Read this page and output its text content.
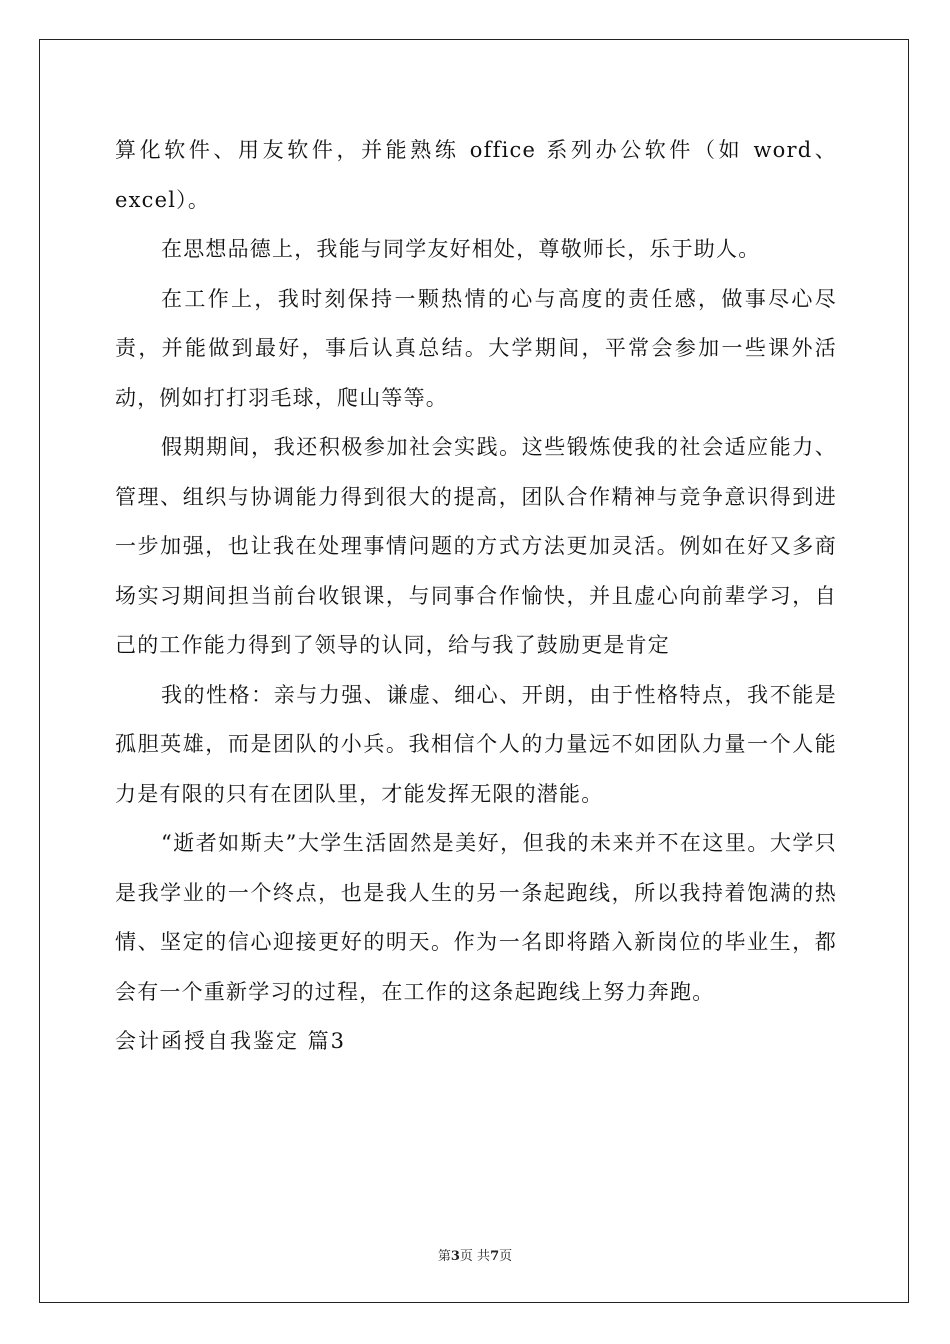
算化软件、用友软件，并能熟练 office 系列办公软件（如 word、excel）。

在思想品德上，我能与同学友好相处，尊敬师长，乐于助人。

在工作上，我时刻保持一颗热情的心与高度的责任感，做事尽心尽责，并能做到最好，事后认真总结。大学期间，平常会参加一些课外活动，例如打打羽毛球，爬山等等。

假期期间，我还积极参加社会实践。这些锻炼使我的社会适应能力、管理、组织与协调能力得到很大的提高，团队合作精神与竞争意识得到进一步加强，也让我在处理事情问题的方式方法更加灵活。例如在好又多商场实习期间担当前台收银课，与同事合作愉快，并且虚心向前辈学习，自己的工作能力得到了领导的认同，给与我了鼓励更是肯定

我的性格：亲与力强、谦虚、细心、开朗，由于性格特点，我不能是孤胆英雄，而是团队的小兵。我相信个人的力量远不如团队力量一个人能力是有限的只有在团队里，才能发挥无限的潜能。

“逝者如斯夫”大学生活固然是美好，但我的未来并不在这里。大学只是我学业的一个终点，也是我人生的另一条起跑线，所以我持着饱满的热情、坚定的信心迎接更好的明天。作为一名即将踏入新岗位的毕业生，都会有一个重新学习的过程，在工作的这条起跑线上努力奔跑。

会计函授自我鉴定 篇3

第3页 共7页
